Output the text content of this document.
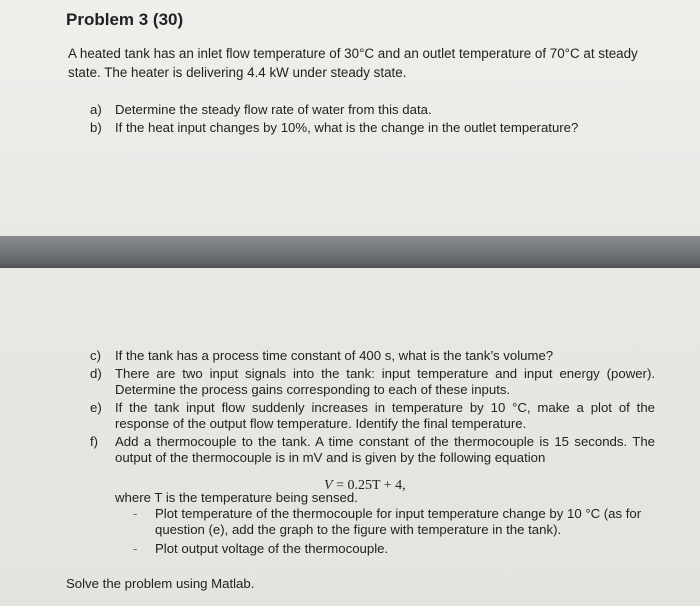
Problem 3 (30)
A heated tank has an inlet flow temperature of 30°C and an outlet temperature of 70°C at steady state. The heater is delivering 4.4 kW under steady state.
a) Determine the steady flow rate of water from this data.
b) If the heat input changes by 10%, what is the change in the outlet temperature?
c) If the tank has a process time constant of 400 s, what is the tank’s volume?
d) There are two input signals into the tank: input temperature and input energy (power). Determine the process gains corresponding to each of these inputs.
e) If the tank input flow suddenly increases in temperature by 10 °C, make a plot of the response of the output flow temperature. Identify the final temperature.
f) Add a thermocouple to the tank. A time constant of the thermocouple is 15 seconds. The output of the thermocouple is in mV and is given by the following equation
V = 0.25T + 4,
where T is the temperature being sensed.
- Plot temperature of the thermocouple for input temperature change by 10 °C (as for question (e), add the graph to the figure with temperature in the tank).
- Plot output voltage of the thermocouple.
Solve the problem using Matlab.
